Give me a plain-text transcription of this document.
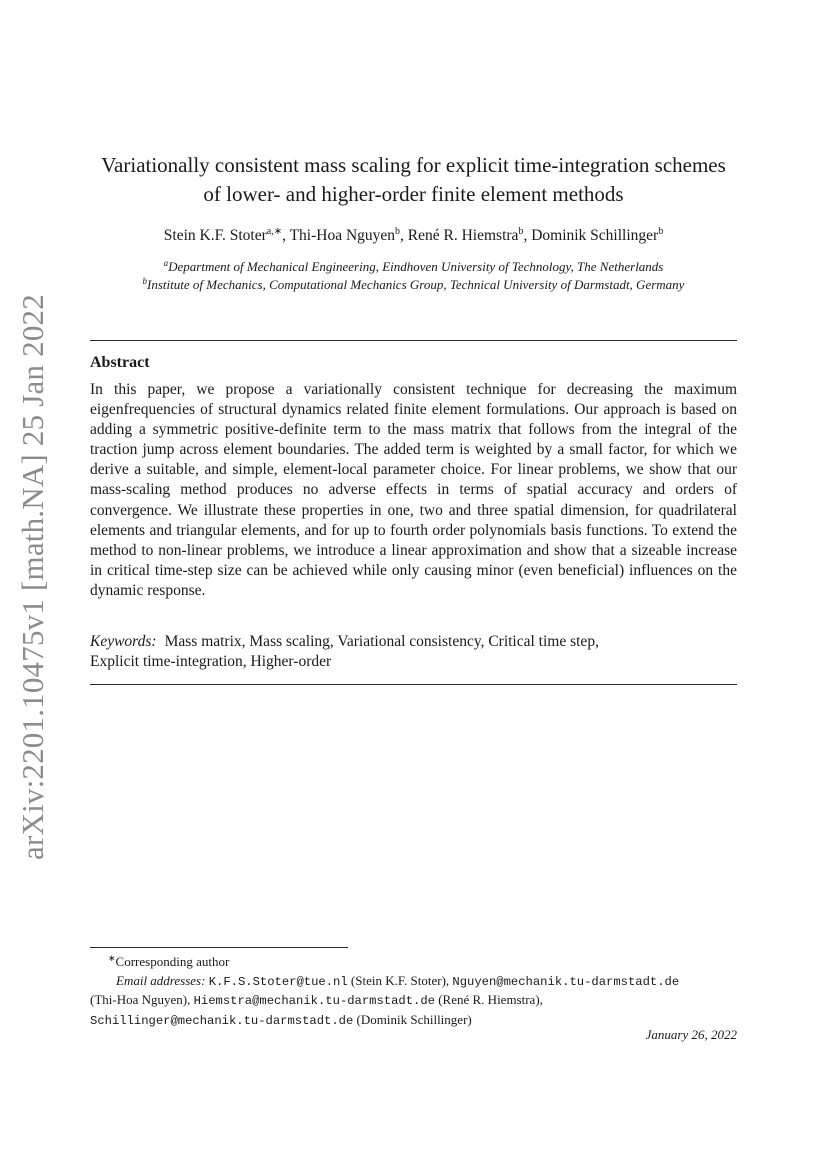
arXiv:2201.10475v1 [math.NA] 25 Jan 2022
Variationally consistent mass scaling for explicit time-integration schemes
of lower- and higher-order finite element methods
Stein K.F. Stoter$^{a,∗}$, Thi-Hoa Nguyen$^b$, René R. Hiemstra$^b$, Dominik Schillinger$^b$
$^a$Department of Mechanical Engineering, Eindhoven University of Technology, The Netherlands
$^b$Institute of Mechanics, Computational Mechanics Group, Technical University of Darmstadt, Germany
Abstract
In this paper, we propose a variationally consistent technique for decreasing the maximum eigenfrequencies of structural dynamics related finite element formulations. Our approach is based on adding a symmetric positive-definite term to the mass matrix that follows from the integral of the traction jump across element boundaries. The added term is weighted by a small factor, for which we derive a suitable, and simple, element-local parameter choice. For linear problems, we show that our mass-scaling method produces no adverse effects in terms of spatial accuracy and orders of convergence. We illustrate these properties in one, two and three spatial dimension, for quadrilateral elements and triangular elements, and for up to fourth order polynomials basis functions. To extend the method to non-linear problems, we introduce a linear approximation and show that a sizeable increase in critical time-step size can be achieved while only causing minor (even beneficial) influences on the dynamic response.
Keywords: Mass matrix, Mass scaling, Variational consistency, Critical time step,
Explicit time-integration, Higher-order
∗Corresponding author
Email addresses: K.F.S.Stoter@tue.nl (Stein K.F. Stoter), Nguyen@mechanik.tu-darmstadt.de
(Thi-Hoa Nguyen), Hiemstra@mechanik.tu-darmstadt.de (René R. Hiemstra),
Schillinger@mechanik.tu-darmstadt.de (Dominik Schillinger)
January 26, 2022
